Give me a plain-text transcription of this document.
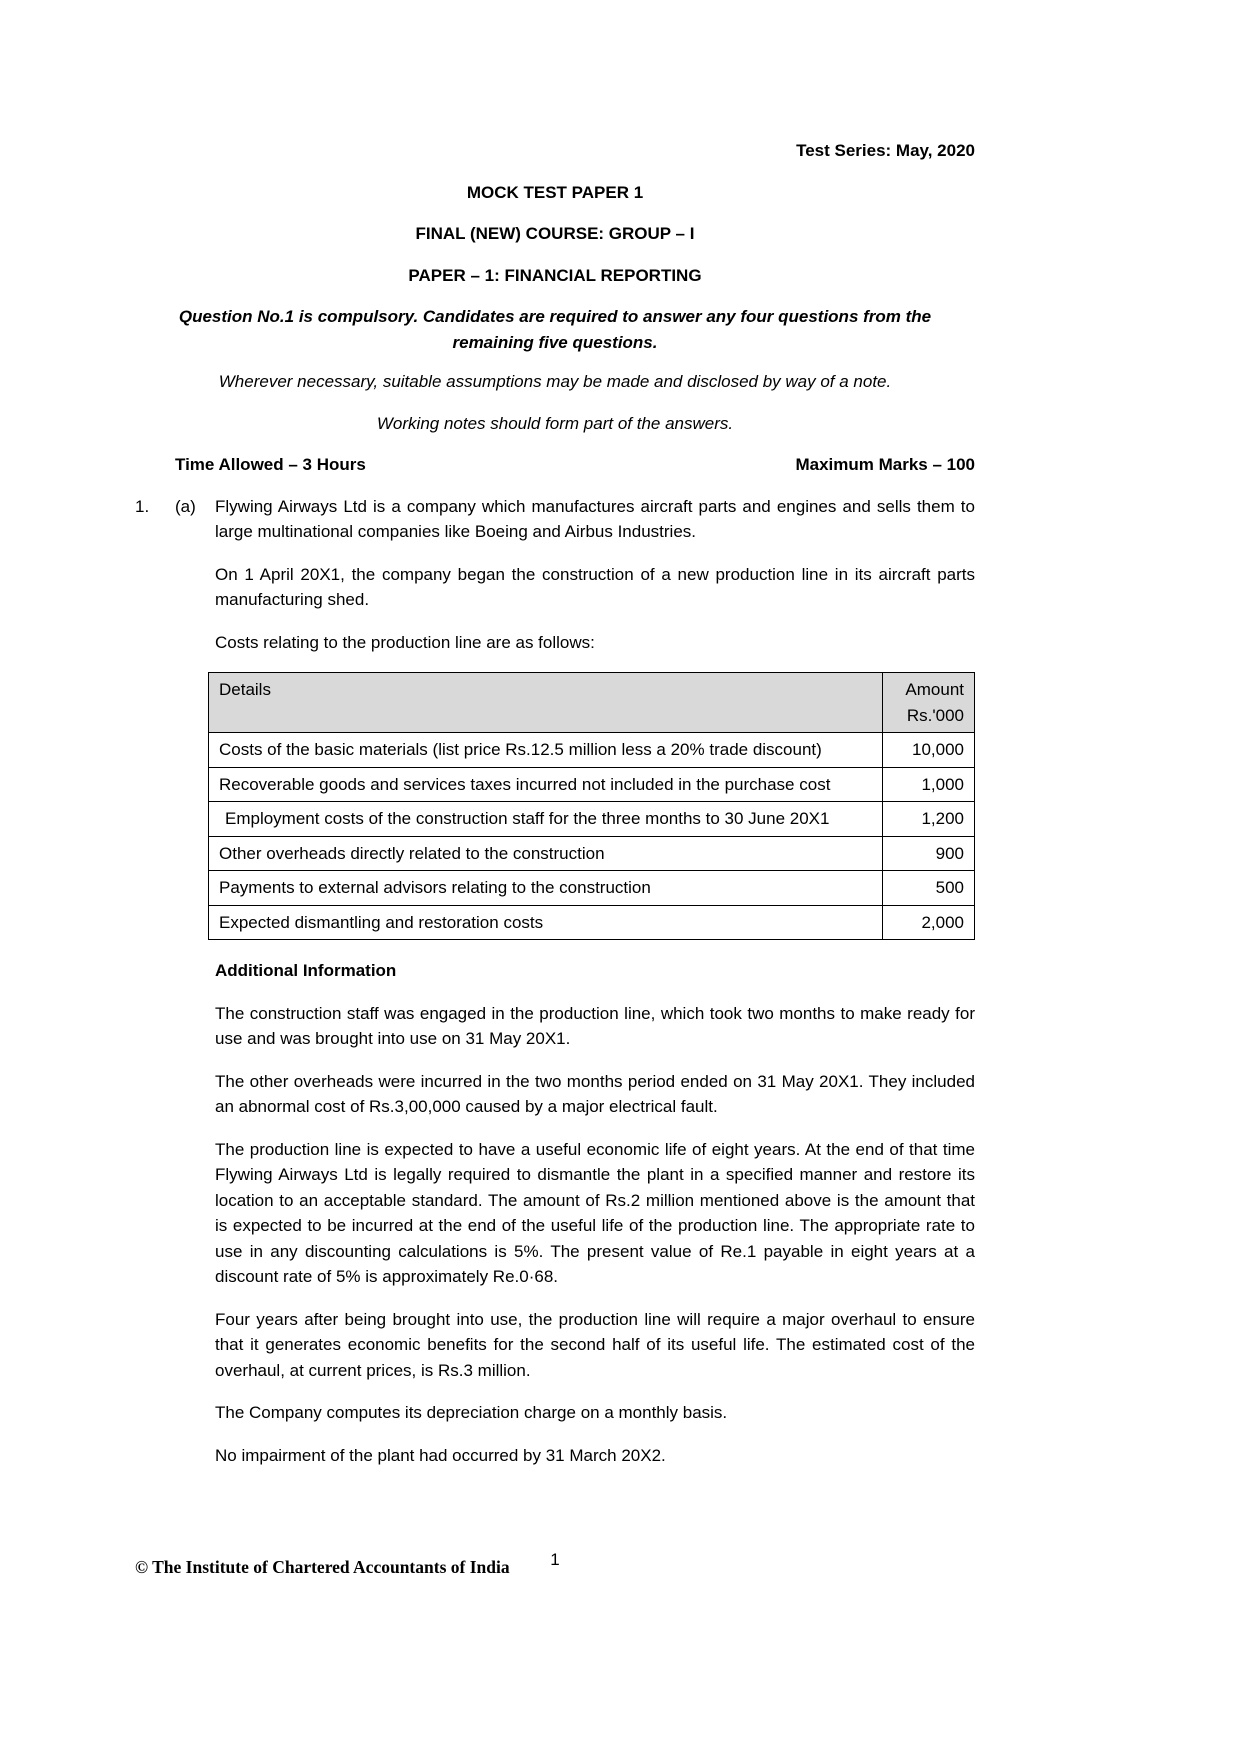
Test Series: May, 2020
MOCK TEST PAPER 1
FINAL (NEW) COURSE: GROUP – I
PAPER – 1: FINANCIAL REPORTING
Question No.1 is compulsory. Candidates are required to answer any four questions from the remaining five questions.
Wherever necessary, suitable assumptions may be made and disclosed by way of a note.
Working notes should form part of the answers.
Time Allowed – 3 Hours	Maximum Marks – 100
1.	(a)	Flywing Airways Ltd is a company which manufactures aircraft parts and engines and sells them to large multinational companies like Boeing and Airbus Industries.

On 1 April 20X1, the company began the construction of a new production line in its aircraft parts manufacturing shed.

Costs relating to the production line are as follows:

Details	Amount
Rs.'000

Costs of the basic materials (list price Rs.12.5 million less a 20% trade discount)	10,000
Recoverable goods and services taxes incurred not included in the purchase cost	1,000
Employment costs of the construction staff for the three months to 30 June 20X1	1,200
Other overheads directly related to the construction	900
Payments to external advisors relating to the construction	500
Expected dismantling and restoration costs	2,000
Additional Information

The construction staff was engaged in the production line, which took two months to make ready for use and was brought into use on 31 May 20X1.

The other overheads were incurred in the two months period ended on 31 May 20X1. They included an abnormal cost of Rs.3,00,000 caused by a major electrical fault.

The production line is expected to have a useful economic life of eight years. At the end of that time Flywing Airways Ltd is legally required to dismantle the plant in a specified manner and restore its location to an acceptable standard. The amount of Rs.2 million mentioned above is the amount that is expected to be incurred at the end of the useful life of the production line. The appropriate rate to use in any discounting calculations is 5%. The present value of Re.1 payable in eight years at a discount rate of 5% is approximately Re.0·68.

Four years after being brought into use, the production line will require a major overhaul to ensure that it generates economic benefits for the second half of its useful life. The estimated cost of the overhaul, at current prices, is Rs.3 million.

The Company computes its depreciation charge on a monthly basis.

No impairment of the plant had occurred by 31 March 20X2.

1
© The Institute of Chartered Accountants of India
